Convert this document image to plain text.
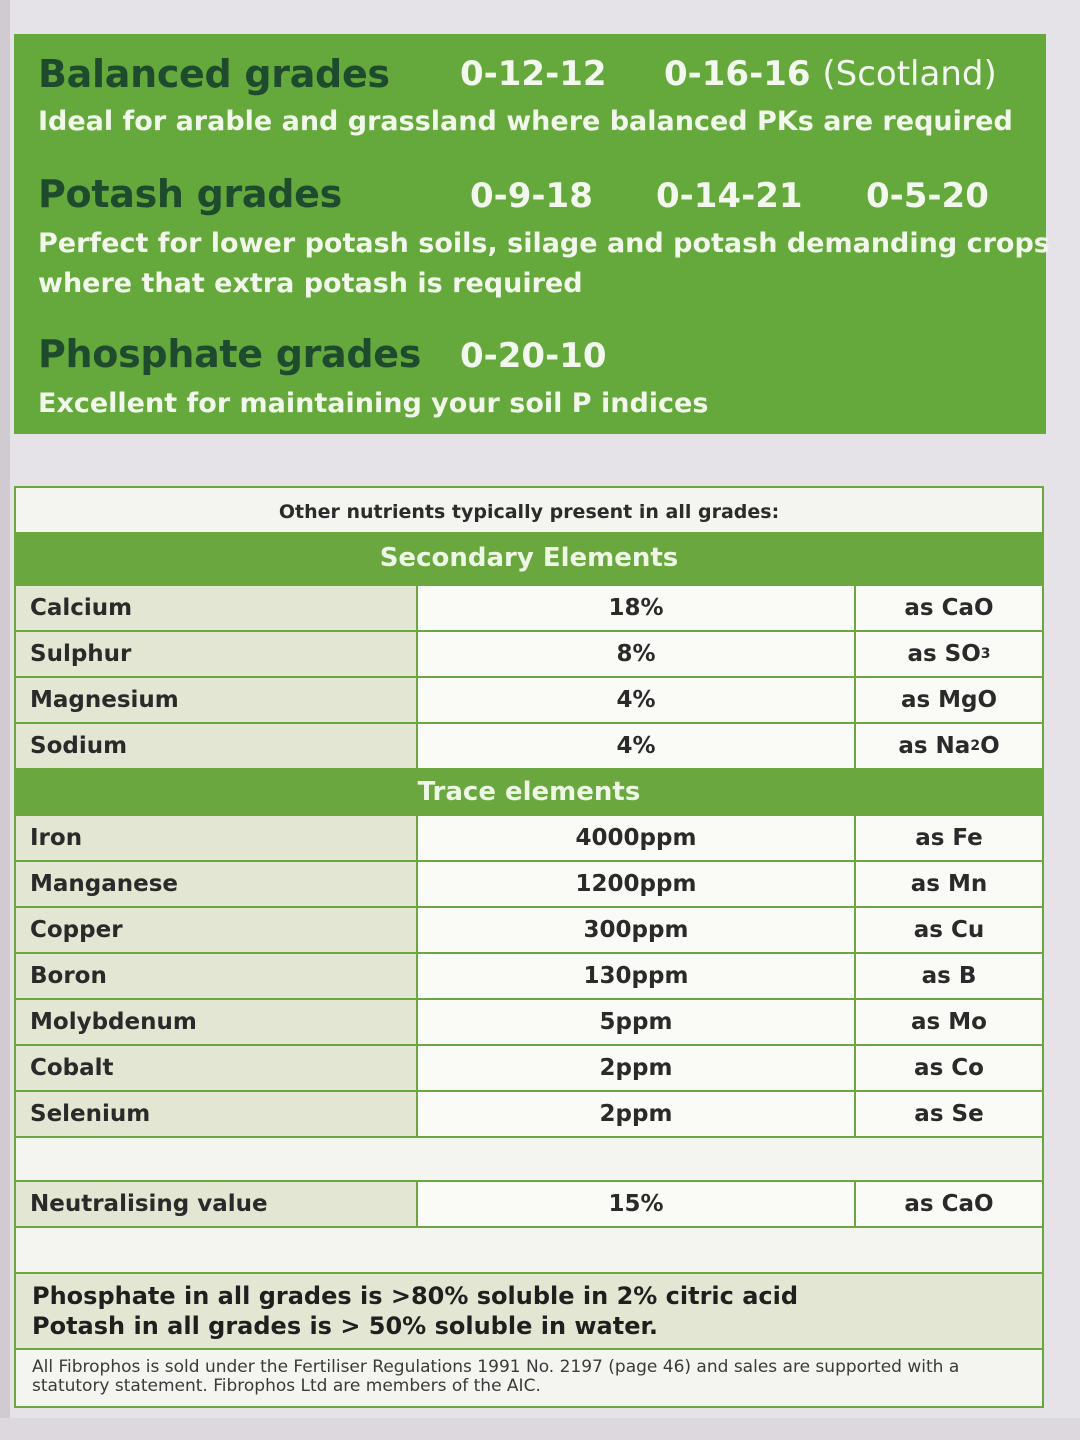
Balanced grades 0-12-12 0-16-16 (Scotland)
Ideal for arable and grassland where balanced PKs are required
Potash grades	0-9-18 0-14-21 0-5-20
Perfect for lower potash soils, silage and potash demanding crops
where that extra potash is required
Phosphate grades 0-20-10
Excellent for maintaining your soil P indices
Other nutrients typically present in all grades:
Secondary Elements
Calcium	18%	as CaO
Sulphur	8%	as SO 3
Magnesium	4%	as MgO
Sodium	4%	as Na 2 O
Trace elements
Iron	4000ppm	as Fe
Manganese	1200ppm	as Mn
Copper	300ppm	as Cu
Boron	130ppm	as B
Molybdenum	5ppm	as Mo
Cobalt	2ppm	as Co
Selenium	2ppm	as Se
Neutralising value	15%	as CaO
Phosphate in all grades is >80% soluble in 2% citric acid
Potash in all grades is > 50% soluble in water.
All Fibrophos is sold under the Fertiliser Regulations 1991 No. 2197 (page 46) and sales are supported with a statutory statement. Fibrophos Ltd are members of the AIC.
